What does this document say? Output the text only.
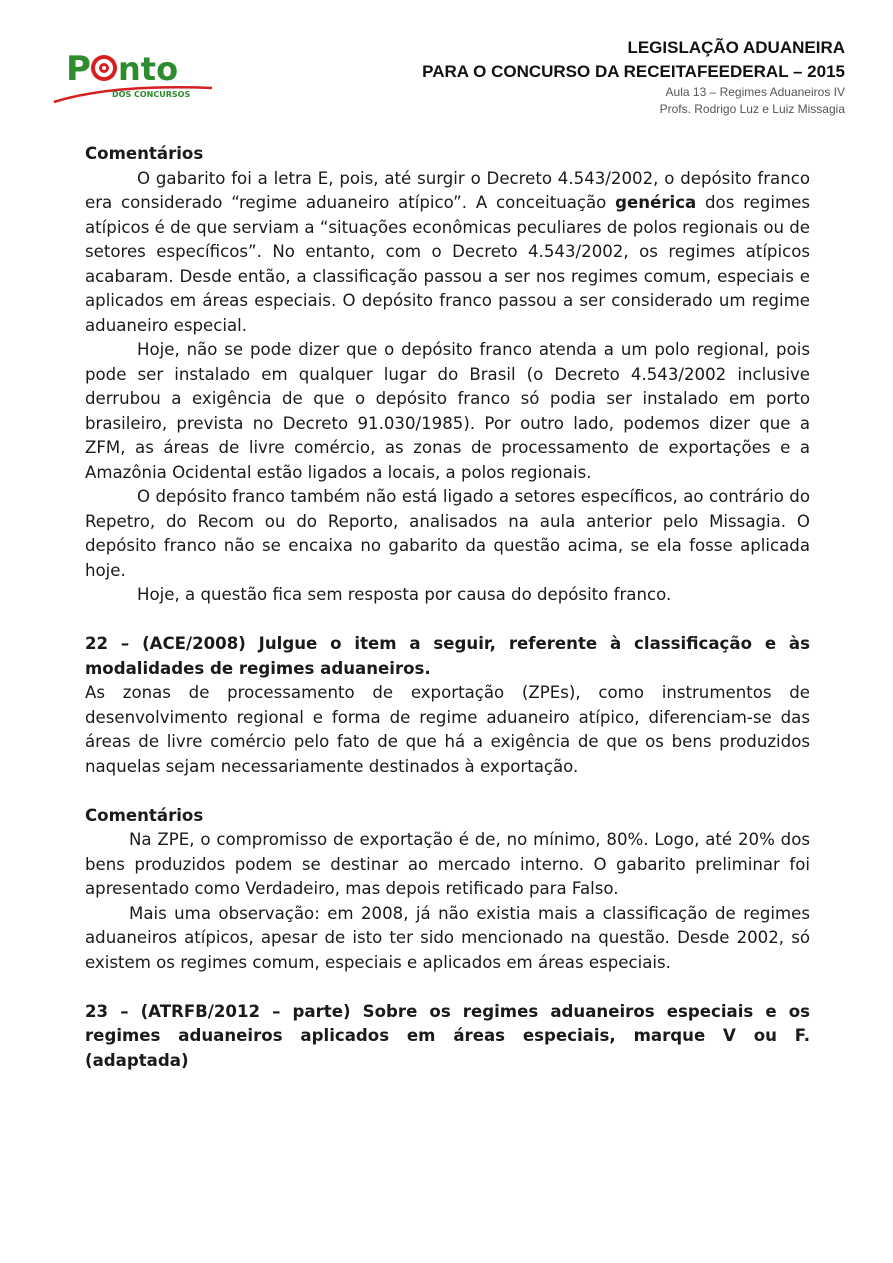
P nto
DOS CONCURSOS
LEGISLAÇÃO ADUANEIRA
PARA O CONCURSO DA RECEITAFEEDERAL – 2015
Aula 13 – Regimes Aduaneiros IV
Profs. Rodrigo Luz e Luiz Missagia

Comentários

O gabarito foi a letra E, pois, até surgir o Decreto 4.543/2002, o depósito franco era considerado “regime aduaneiro atípico”. A conceituação genérica dos regimes atípicos é de que serviam a “situações econômicas peculiares de polos regionais ou de setores específicos”. No entanto, com o Decreto 4.543/2002, os regimes atípicos acabaram. Desde então, a classificação passou a ser nos regimes comum, especiais e aplicados em áreas especiais. O depósito franco passou a ser considerado um regime aduaneiro especial.

Hoje, não se pode dizer que o depósito franco atenda a um polo regional, pois pode ser instalado em qualquer lugar do Brasil (o Decreto 4.543/2002 inclusive derrubou a exigência de que o depósito franco só podia ser instalado em porto brasileiro, prevista no Decreto 91.030/1985). Por outro lado, podemos dizer que a ZFM, as áreas de livre comércio, as zonas de processamento de exportações e a Amazônia Ocidental estão ligados a locais, a polos regionais.

O depósito franco também não está ligado a setores específicos, ao contrário do Repetro, do Recom ou do Reporto, analisados na aula anterior pelo Missagia. O depósito franco não se encaixa no gabarito da questão acima, se ela fosse aplicada hoje.

Hoje, a questão fica sem resposta por causa do depósito franco.

22 – (ACE/2008) Julgue o item a seguir, referente à classificação e às modalidades de regimes aduaneiros.

As zonas de processamento de exportação (ZPEs), como instrumentos de desenvolvimento regional e forma de regime aduaneiro atípico, diferenciam-se das áreas de livre comércio pelo fato de que há a exigência de que os bens produzidos naquelas sejam necessariamente destinados à exportação.

Comentários

Na ZPE, o compromisso de exportação é de, no mínimo, 80%. Logo, até 20% dos bens produzidos podem se destinar ao mercado interno. O gabarito preliminar foi apresentado como Verdadeiro, mas depois retificado para Falso.

Mais uma observação: em 2008, já não existia mais a classificação de regimes aduaneiros atípicos, apesar de isto ter sido mencionado na questão. Desde 2002, só existem os regimes comum, especiais e aplicados em áreas especiais.

23 – (ATRFB/2012 – parte) Sobre os regimes aduaneiros especiais e os regimes aduaneiros aplicados em áreas especiais, marque V ou F. (adaptada)
